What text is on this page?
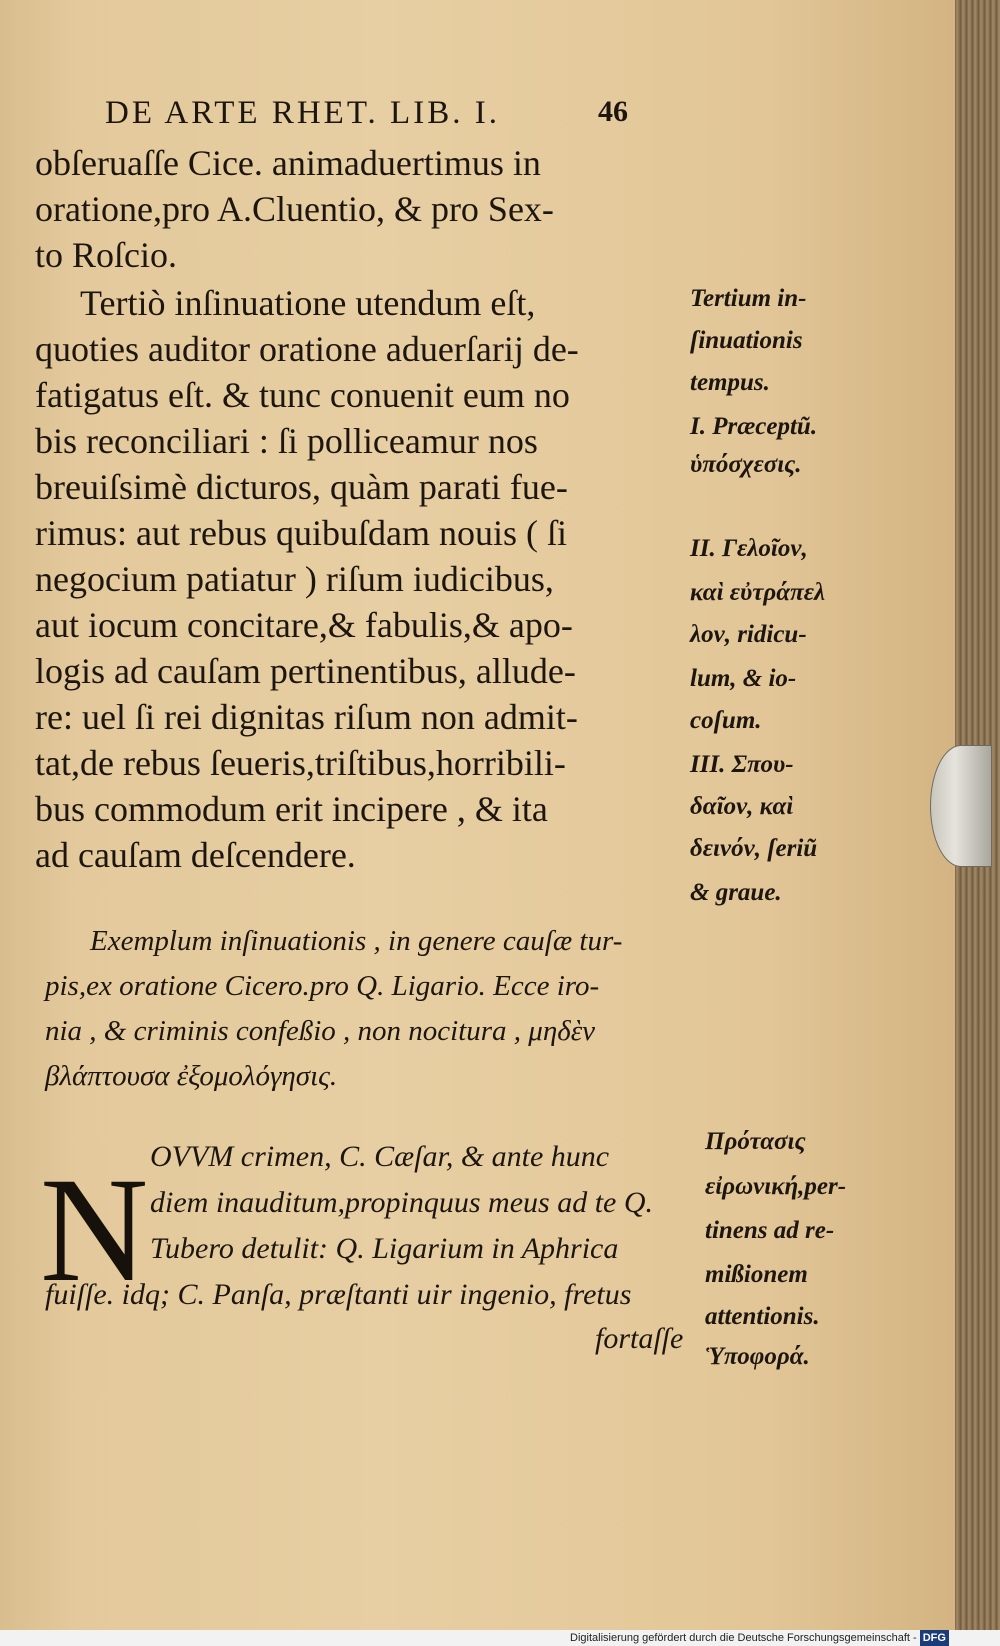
DE ARTE RHET. LIB. I.	46
obſeruaſſe Cice. animaduertimus in
oratione,pro A.Cluentio, & pro Sex-
to Roſcio.
Tertiò inſinuatione utendum eſt,
quoties auditor oratione aduerſarij de-
fatigatus eſt. & tunc conuenit eum no
bis reconciliari : ſi polliceamur nos
breuiſsimè dicturos, quàm parati fue-
rimus: aut rebus quibuſdam nouis ( ſi
negocium patiatur ) riſum iudicibus,
aut iocum concitare,& fabulis,& apo-
logis ad cauſam pertinentibus, allude-
re: uel ſi rei dignitas riſum non admit-
tat,de rebus ſeueris,triſtibus,horribili-
bus commodum erit incipere , & ita
ad cauſam deſcendere.
Tertium in-
ſinuationis
tempus.
I. Præceptũ.
ὑπόσχεσις.
II. Γελοῖον,
καὶ εὐτράπελ
λον, ridicu-
lum, & io-
coſum.
III. Σπου-
δαῖον, καὶ
δεινόν, ſeriũ
& graue.
Exemplum inſinuationis , in genere cauſæ tur-
pis,ex oratione Cicero.pro Q. Ligario. Ecce iro-
nia , & criminis confeßio , non nocitura , μηδὲν
βλάπτουσα ἐξομολόγησις.
N OVVM crimen, C. Cæſar, & ante hunc
diem inauditum,propinquus meus ad te Q.
Tubero detulit: Q. Ligarium in Aphrica
fuiſſe. idq; C. Panſa, præſtanti uir ingenio, fretus
fortaſſe
Πρότασις
εἰρωνική,per-
tinens ad re-
mißionem
attentionis.
Ὑποφορά.
Digitalisierung gefördert durch die Deutsche Forschungsgemeinschaft - DFG
